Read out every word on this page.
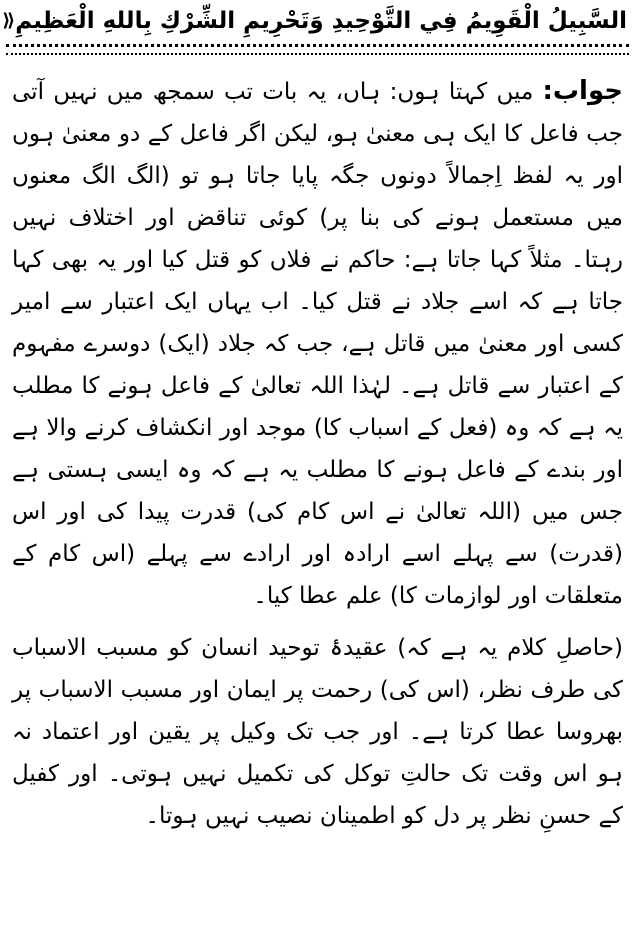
السَّبِيلُ الْقَوِيمُ فِي التَّوْحِيدِ وَتَحْرِيمِ الشِّرْكِ بِاللهِ الْعَظِيمِ
⟫

جواب: میں کہتا ہوں: ہاں، یہ بات تب سمجھ میں نہیں آتی جب فاعل کا ایک ہی معنیٰ ہو، لیکن اگر فاعل کے دو معنیٰ ہوں اور یہ لفظ اِجمالاً دونوں جگہ پایا جاتا ہو تو (الگ الگ معنوں میں مستعمل ہونے کی بنا پر) کوئی تناقض اور اختلاف نہیں رہتا۔ مثلاً کہا جاتا ہے: حاکم نے فلاں کو قتل کیا اور یہ بھی کہا جاتا ہے کہ اسے جلاد نے قتل کیا۔ اب یہاں ایک اعتبار سے امیر کسی اور معنیٰ میں قاتل ہے، جب کہ جلاد (ایک) دوسرے مفہوم کے اعتبار سے قاتل ہے۔ لہٰذا اللہ تعالیٰ کے فاعل ہونے کا مطلب یہ ہے کہ وہ (فعل کے اسباب کا) موجد اور انکشاف کرنے والا ہے اور بندے کے فاعل ہونے کا مطلب یہ ہے کہ وہ ایسی ہستی ہے جس میں (اللہ تعالیٰ نے اس کام کی) قدرت پیدا کی اور اس (قدرت) سے پہلے اسے ارادہ اور ارادے سے پہلے (اس کام کے متعلقات اور لوازمات کا) علم عطا کیا۔

(حاصلِ کلام یہ ہے کہ) عقیدۂ توحید انسان کو مسبب الاسباب کی طرف نظر، (اس کی) رحمت پر ایمان اور مسبب الاسباب پر بھروسا عطا کرتا ہے۔ اور جب تک وکیل پر یقین اور اعتماد نہ ہو اس وقت تک حالتِ توکل کی تکمیل نہیں ہوتی۔ اور کفیل کے حسنِ نظر پر دل کو اطمینان نصیب نہیں ہوتا۔
